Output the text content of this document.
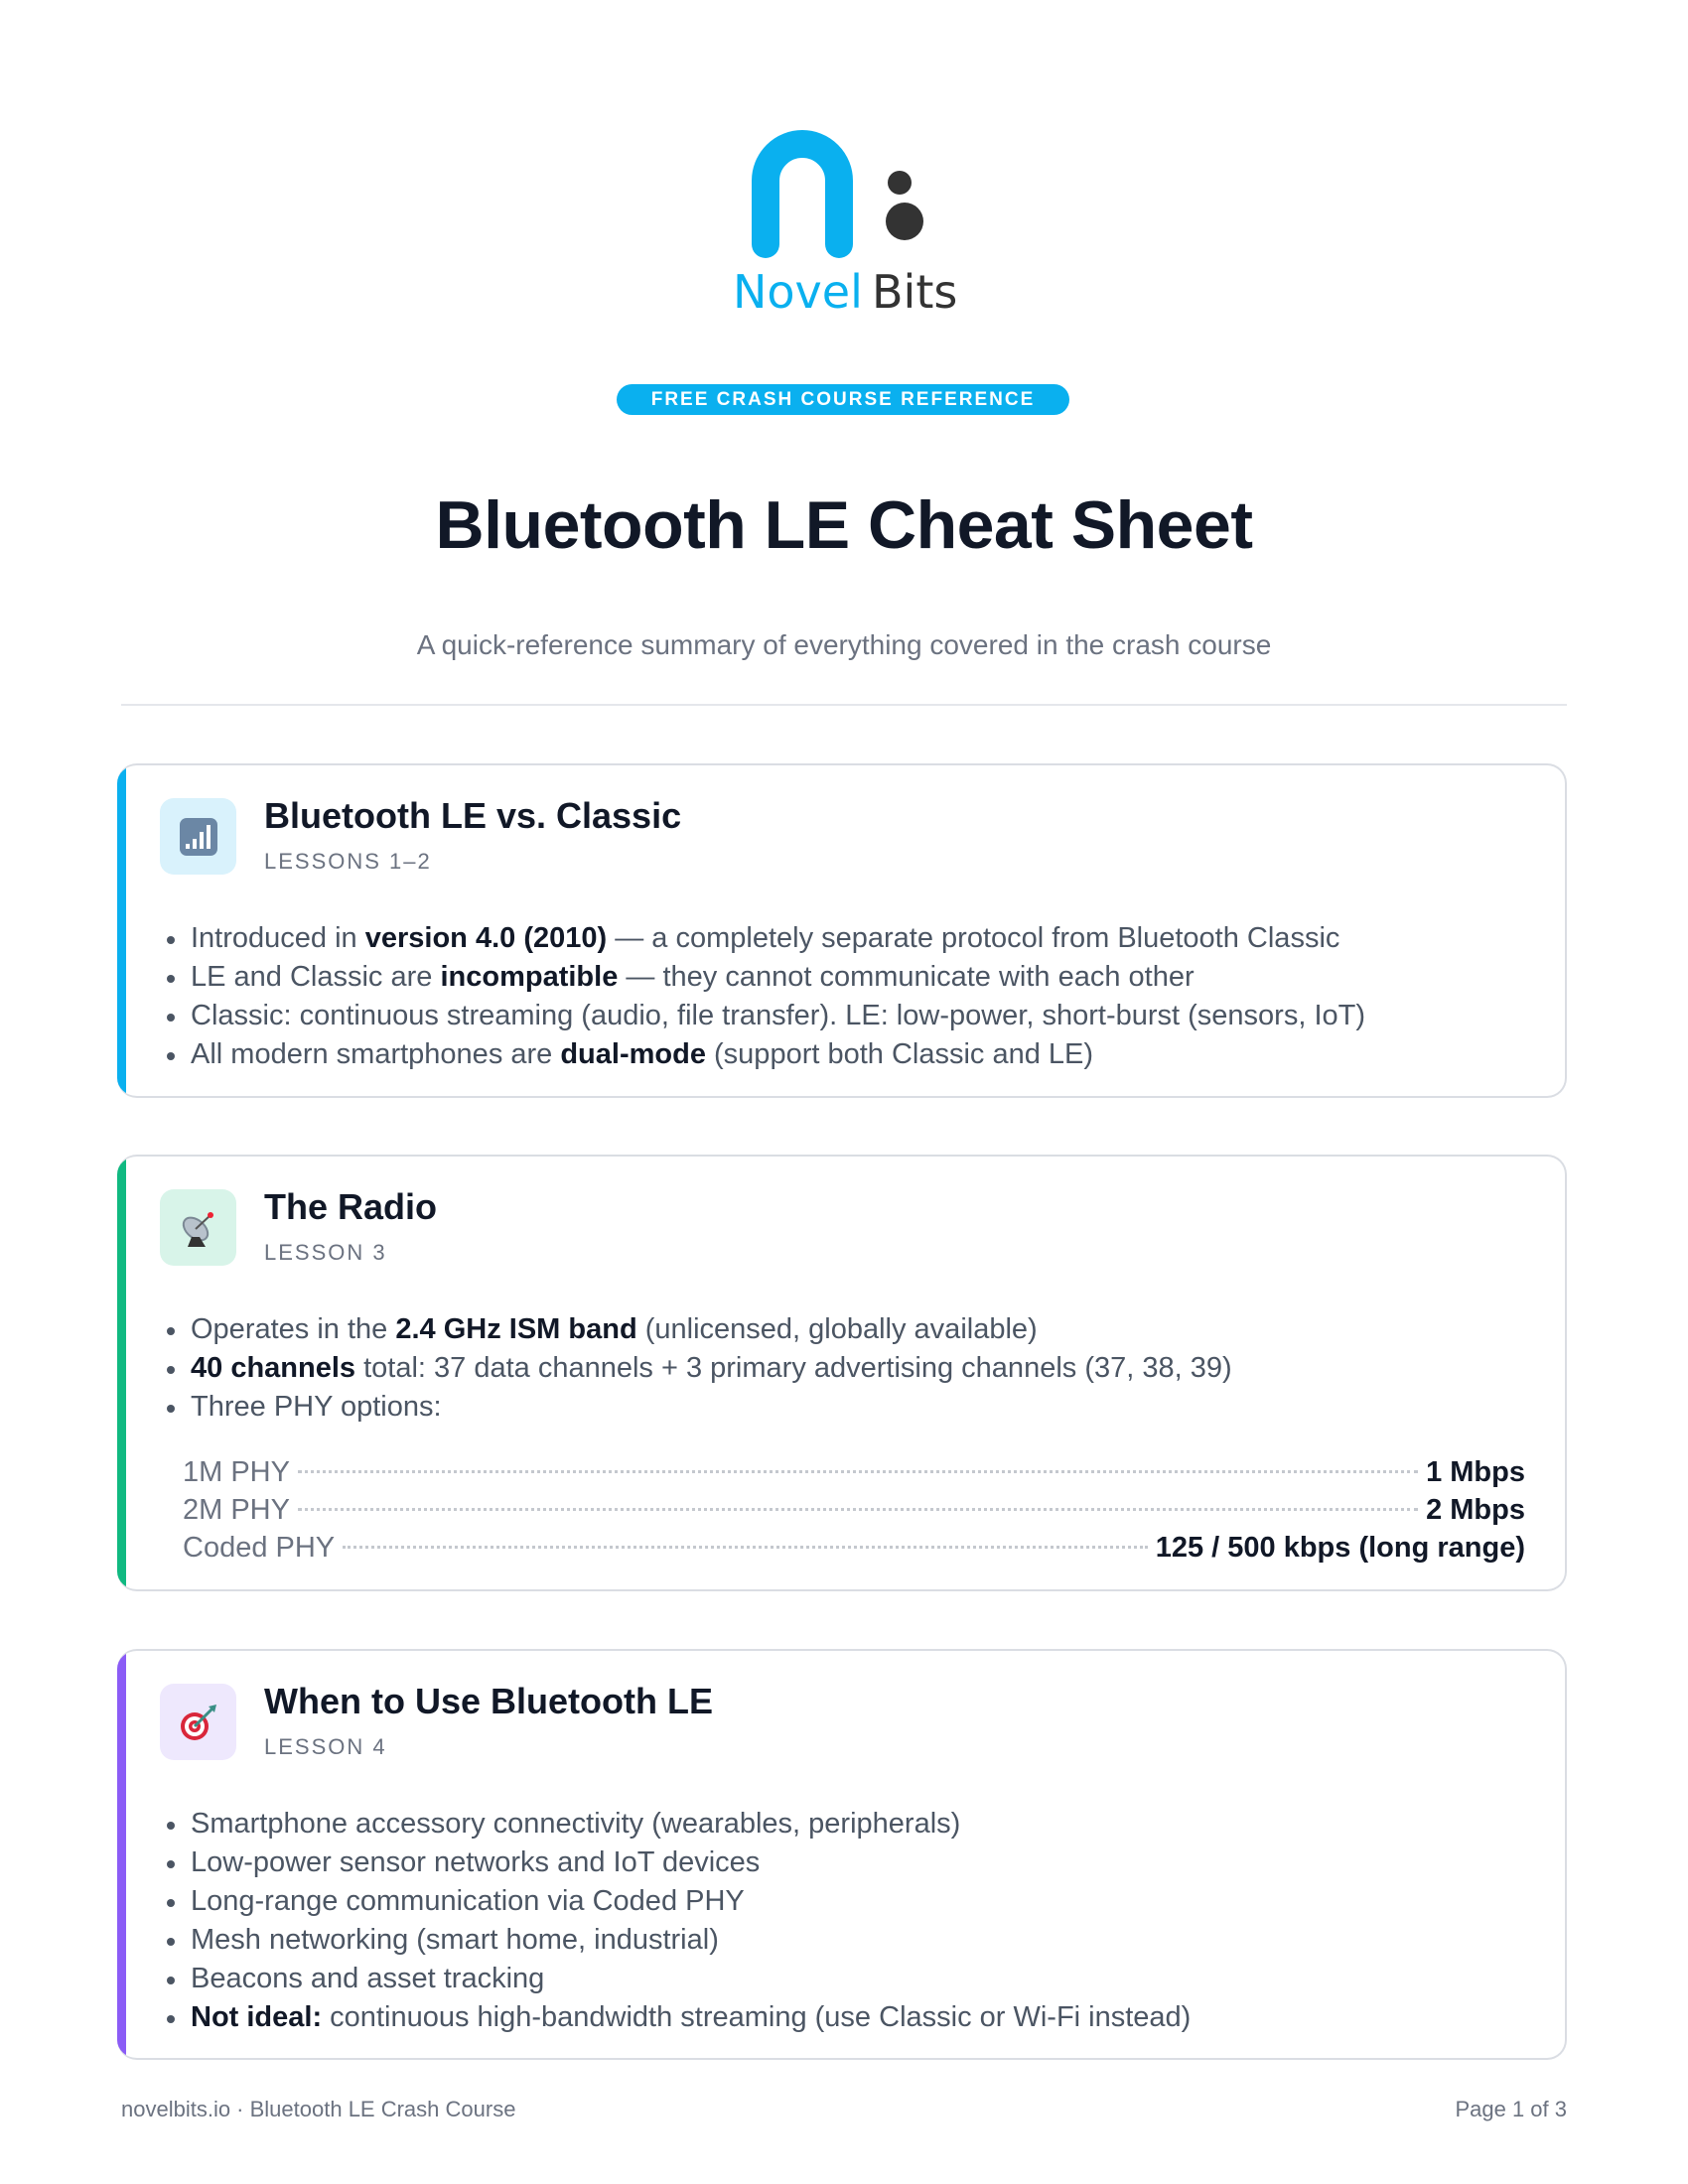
Novel Bits
FREE CRASH COURSE REFERENCE
Bluetooth LE Cheat Sheet
A quick-reference summary of everything covered in the crash course
Bluetooth LE vs. Classic
LESSONS 1–2
Introduced in version 4.0 (2010) — a completely separate protocol from Bluetooth Classic
LE and Classic are incompatible — they cannot communicate with each other
Classic: continuous streaming (audio, file transfer). LE: low-power, short-burst (sensors, IoT)
All modern smartphones are dual-mode (support both Classic and LE)
The Radio
LESSON 3
Operates in the 2.4 GHz ISM band (unlicensed, globally available)
40 channels total: 37 data channels + 3 primary advertising channels (37, 38, 39)
Three PHY options:
1M PHY	1 Mbps
2M PHY	2 Mbps
Coded PHY	125 / 500 kbps (long range)
When to Use Bluetooth LE
LESSON 4
Smartphone accessory connectivity (wearables, peripherals)
Low-power sensor networks and IoT devices
Long-range communication via Coded PHY
Mesh networking (smart home, industrial)
Beacons and asset tracking
Not ideal: continuous high-bandwidth streaming (use Classic or Wi-Fi instead)
novelbits.io · Bluetooth LE Crash Course	Page 1 of 3
